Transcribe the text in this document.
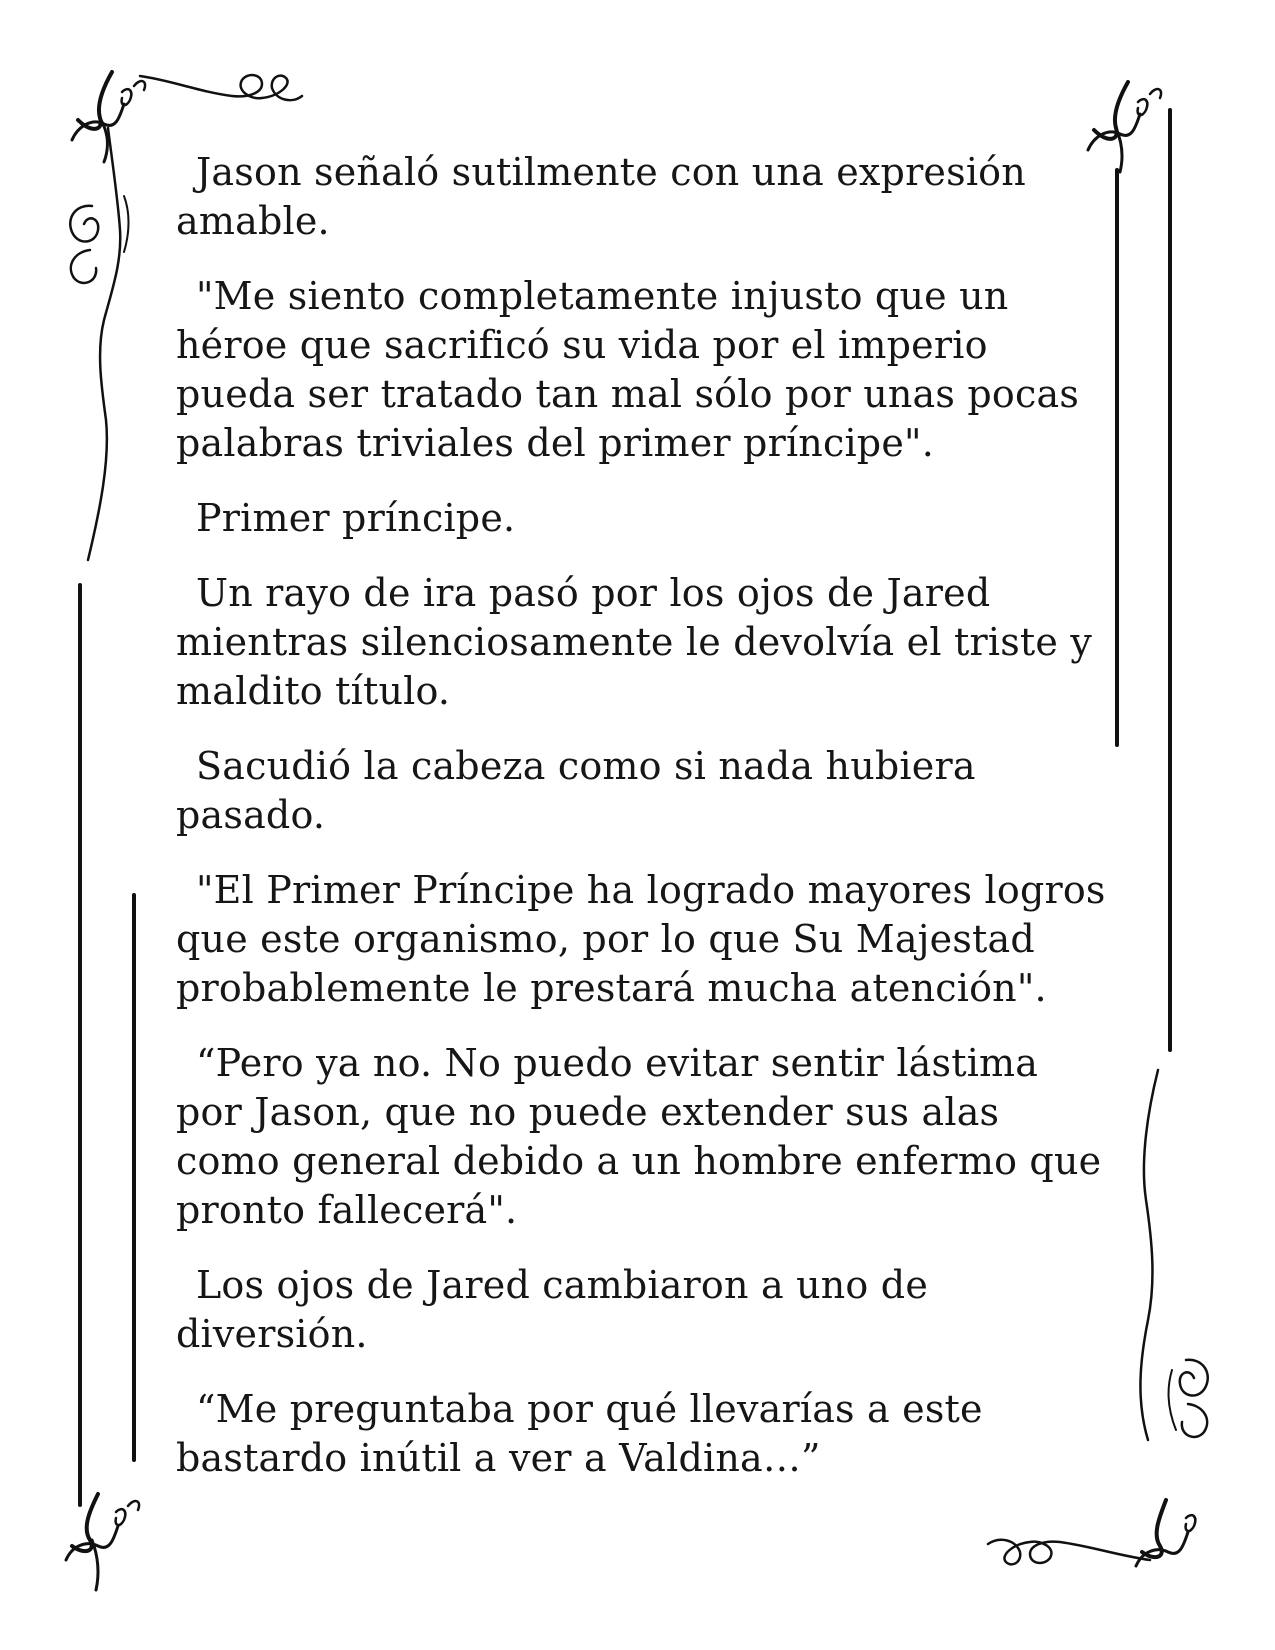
Jason señaló sutilmente con una expresión amable.

"Me siento completamente injusto que un héroe que sacrificó su vida por el imperio pueda ser tratado tan mal sólo por unas pocas palabras triviales del primer príncipe".

Primer príncipe.

Un rayo de ira pasó por los ojos de Jared mientras silenciosamente le devolvía el triste y maldito título.

Sacudió la cabeza como si nada hubiera pasado.

"El Primer Príncipe ha logrado mayores logros que este organismo, por lo que Su Majestad probablemente le prestará mucha atención".

“Pero ya no. No puedo evitar sentir lástima por Jason, que no puede extender sus alas como general debido a un hombre enfermo que pronto fallecerá".

Los ojos de Jared cambiaron a uno de diversión.

“Me preguntaba por qué llevarías a este bastardo inútil a ver a Valdina…”
